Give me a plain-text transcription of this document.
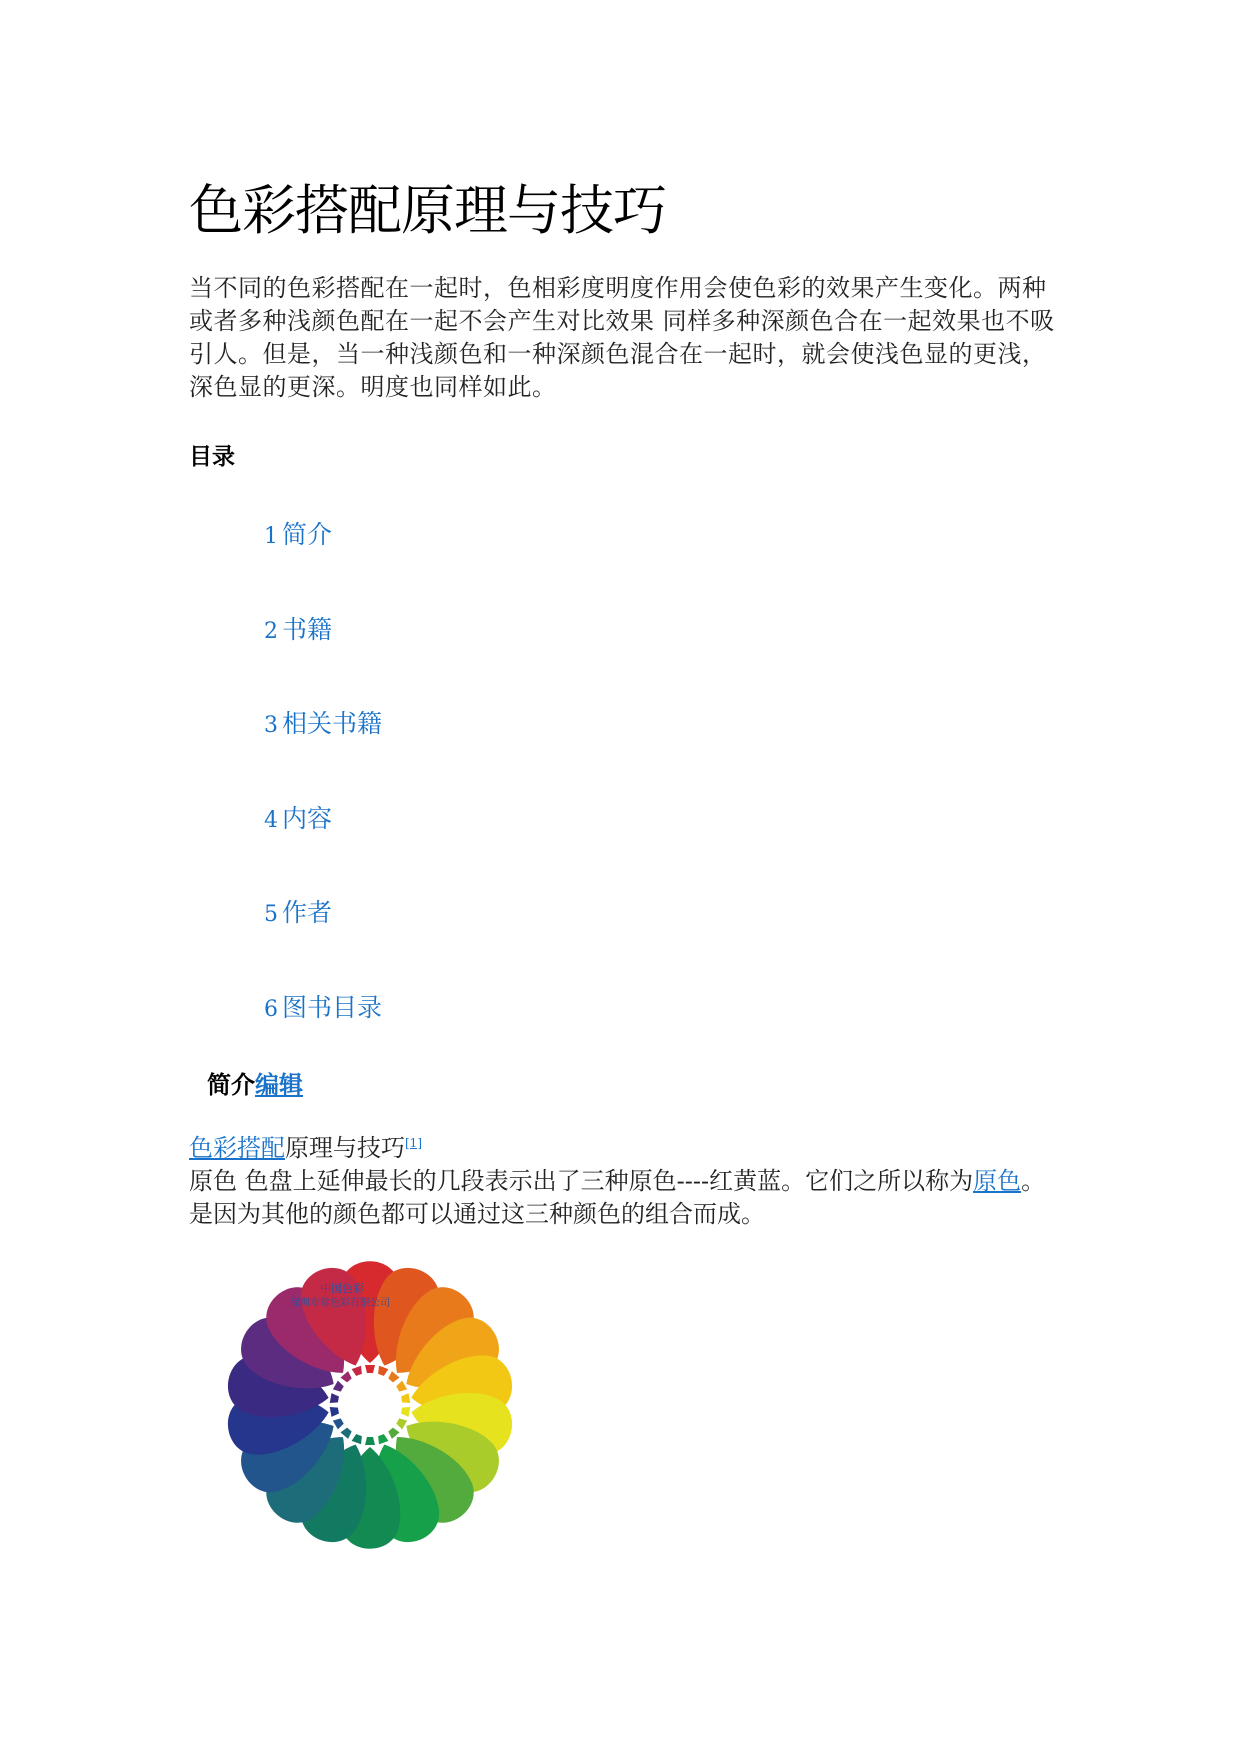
色彩搭配原理与技巧
当不同的色彩搭配在一起时，色相彩度明度作用会使色彩的效果产生变化。两种或者多种浅颜色配在一起不会产生对比效果 同样多种深颜色合在一起效果也不吸引人。但是，当一种浅颜色和一种深颜色混合在一起时，就会使浅色显的更浅，深色显的更深。明度也同样如此。
目录
1 简介
2 书籍
3 相关书籍
4 内容
5 作者
6 图书目录
简介编辑
色彩搭配原理与技巧[1]
原色 色盘上延伸最长的几段表示出了三种原色----红黄蓝。它们之所以称为原色。是因为其他的颜色都可以通过这三种颜色的组合而成。
中国色彩
深圳市常色彩有限公司
